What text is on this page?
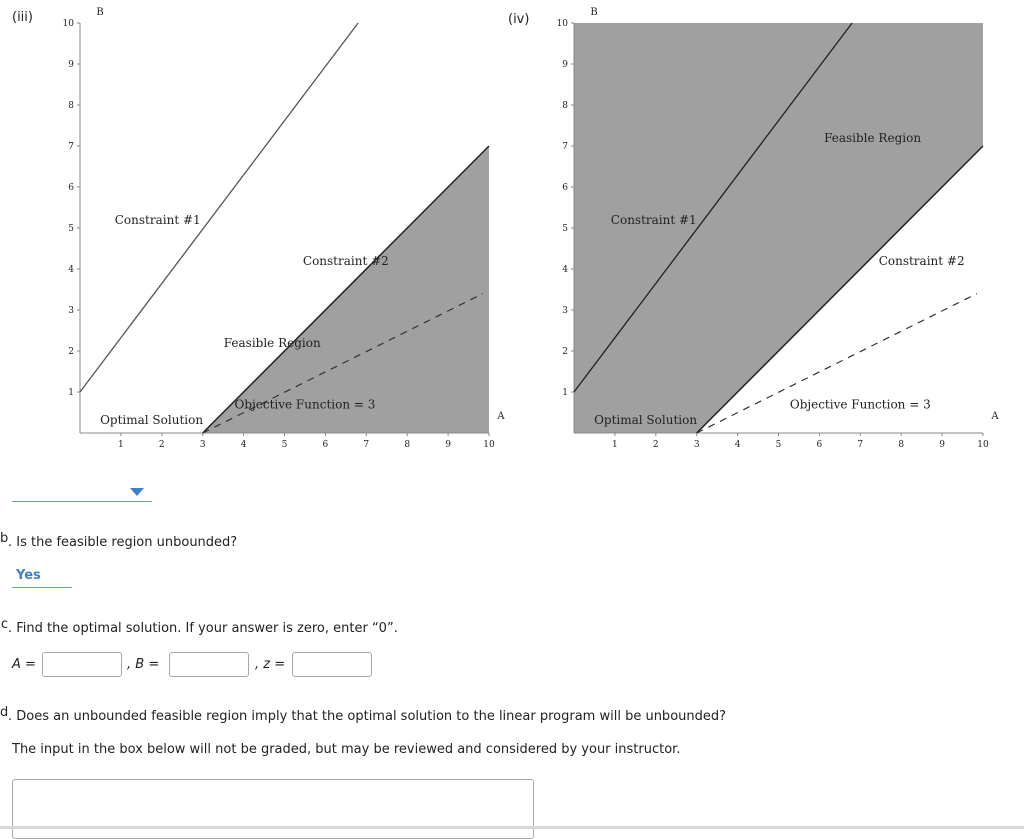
(iii)
1	2	3	4	5	6	7	8	9	10
1
2
3
4
5
6
7
8
9
10
B
A
Constraint #1
Constraint #2
Feasible Region
Objective Function = 3
Optimal Solution
(iv)
1	2	3	4	5	6	7	8	9	10
1
2
3
4
5
6
7
8
9
10
B
A
Constraint #1
Constraint #2
Feasible Region
Objective Function = 3
Optimal Solution
b. Is the feasible region unbounded?
Yes
c. Find the optimal solution. If your answer is zero, enter “0”.
A =	, B =	, z =
d. Does an unbounded feasible region imply that the optimal solution to the linear program will be unbounded?
The input in the box below will not be graded, but may be reviewed and considered by your instructor.
